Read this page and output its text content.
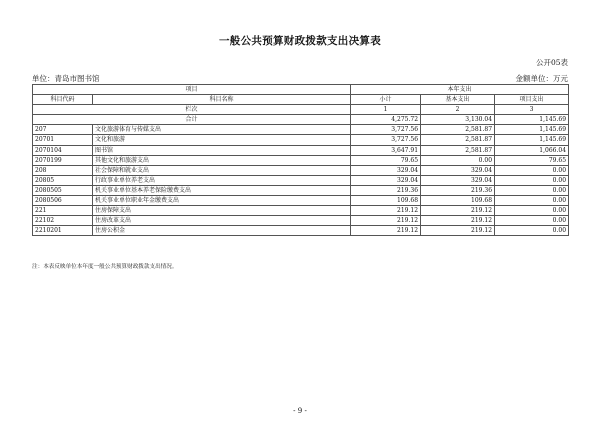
一般公共预算财政拨款支出决算表
公开05表
单位：青岛市图书馆	金额单位：万元
项目		本年支出		
科目代码	科目名称	小计	基本支出	项目支出
栏次		1	2	3
合计		4,275.72	3,130.04	1,145.69
207	文化旅游体育与传媒支出	3,727.56	2,581.87	1,145.69
20701	文化和旅游	3,727.56	2,581.87	1,145.69
2070104	图书馆	3,647.91	2,581.87	1,066.04
2070199	其他文化和旅游支出	79.65	0.00	79.65
208	社会保障和就业支出	329.04	329.04	0.00
20805	行政事业单位养老支出	329.04	329.04	0.00
2080505	机关事业单位基本养老保险缴费支出	219.36	219.36	0.00
2080506	机关事业单位职业年金缴费支出	109.68	109.68	0.00
221	住房保障支出	219.12	219.12	0.00
22102	住房改革支出	219.12	219.12	0.00
2210201	住房公积金	219.12	219.12	0.00
注：本表反映单位本年度一般公共预算财政拨款支出情况。
- 9 -
